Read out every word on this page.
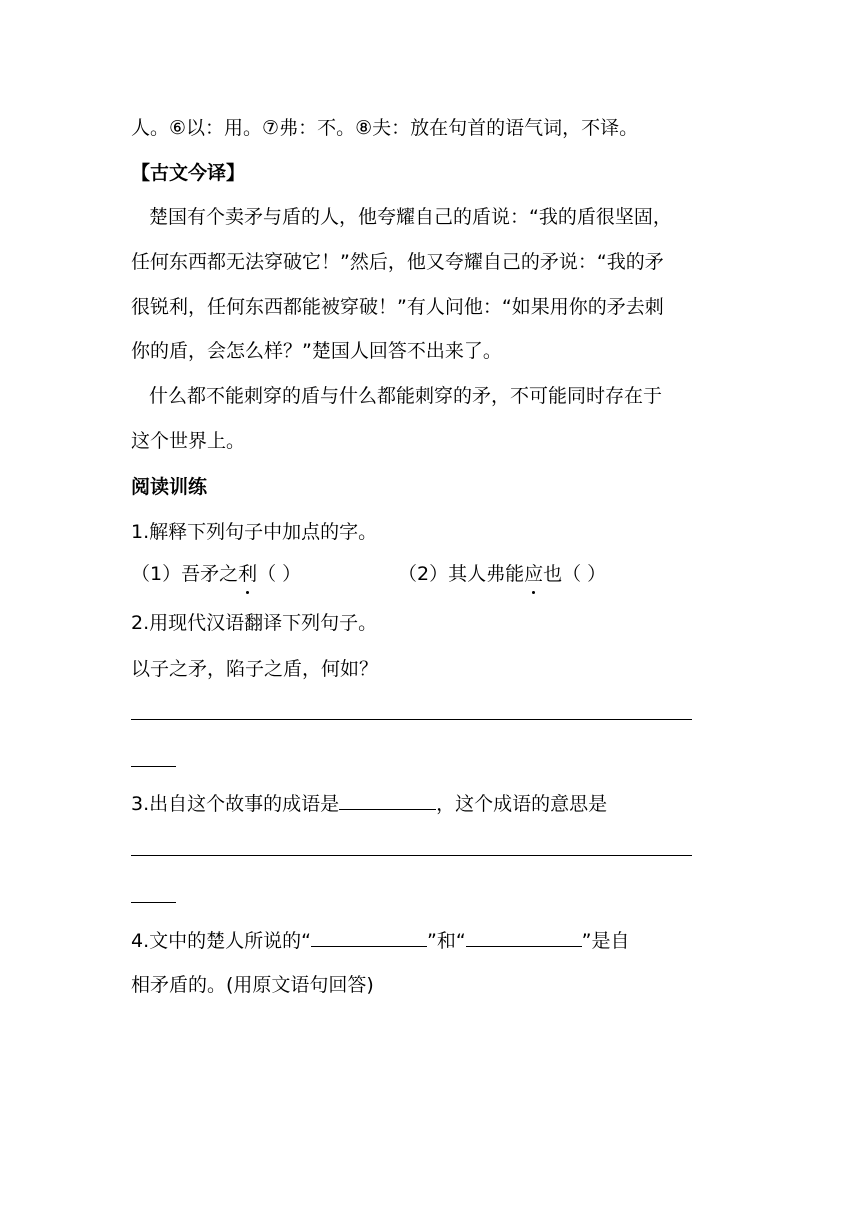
人。⑥以：用。⑦弗：不。⑧夫：放在句首的语气词，不译。
【古文今译】
楚国有个卖矛与盾的人，他夸耀自己的盾说：“我的盾很坚固，
任何东西都无法穿破它！”然后，他又夸耀自己的矛说：“我的矛
很锐利，任何东西都能被穿破！”有人问他：“如果用你的矛去刺
你的盾，会怎么样？”楚国人回答不出来了。
什么都不能刺穿的盾与什么都能刺穿的矛，不可能同时存在于
这个世界上。
阅读训练
1.解释下列句子中加点的字。
（1）吾矛之利（ ）	（2）其人弗能应也（ ）
2.用现代汉语翻译下列句子。
以子之矛，陷子之盾，何如？
3.出自这个故事的成语是	，这个成语的意思是
4.文中的楚人所说的“	”和“	”是自
相矛盾的。(用原文语句回答)
